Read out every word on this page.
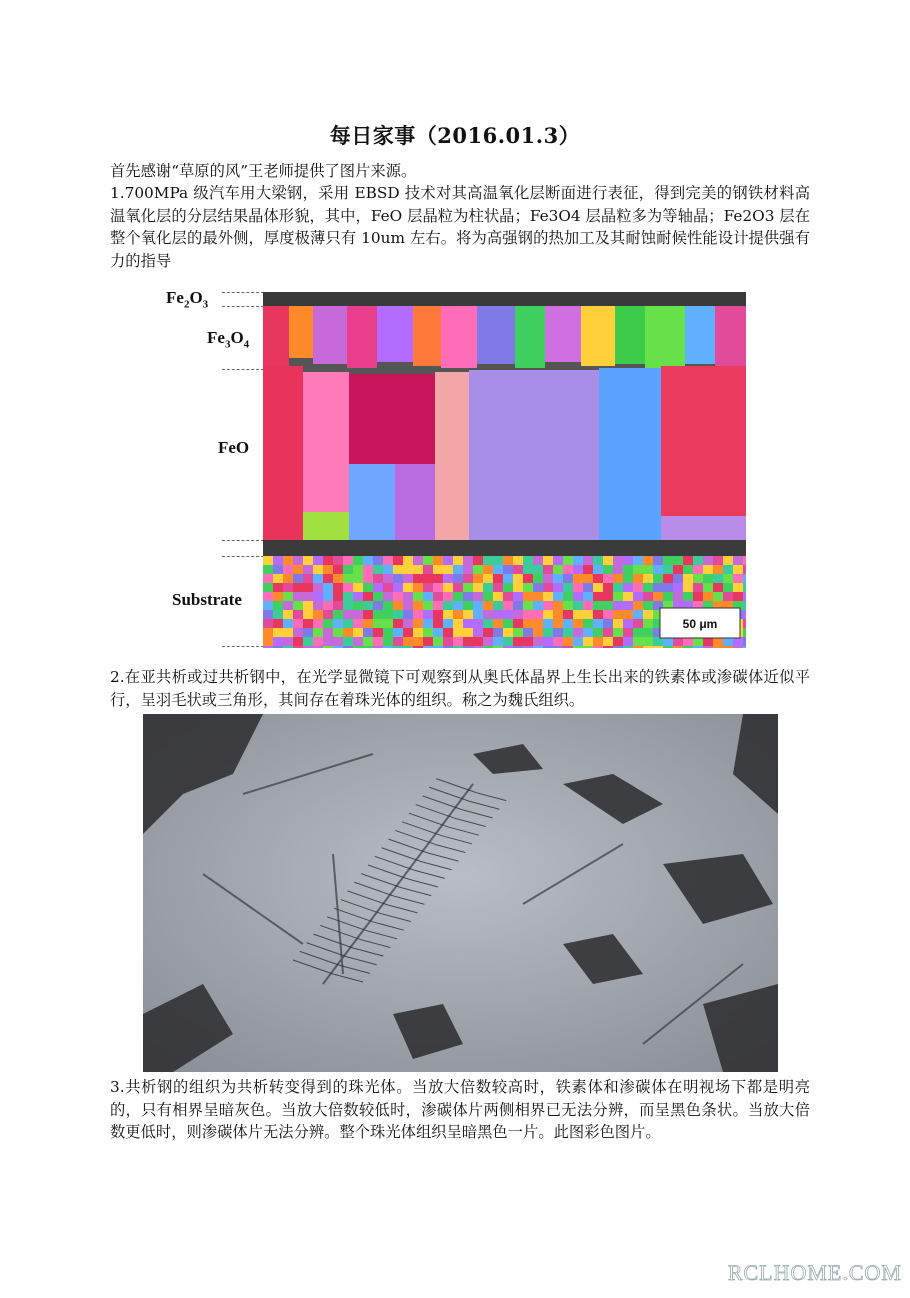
每日家事（2016.01.3）
首先感谢“草原的风”王老师提供了图片来源。
1.700MPa 级汽车用大梁钢，采用 EBSD 技术对其高温氧化层断面进行表征，得到完美的钢铁材料高温氧化层的分层结果晶体形貌，其中，FeO 层晶粒为柱状晶；Fe3O4 层晶粒多为等轴晶；Fe2O3 层在整个氧化层的最外侧，厚度极薄只有 10um 左右。将为高强钢的热加工及其耐蚀耐候性能设计提供强有力的指导
$Fe_2O_3$
$Fe_3O_4$
FeO
Substrate
50 μm
2.在亚共析或过共析钢中，在光学显微镜下可观察到从奥氏体晶界上生长出来的铁素体或渗碳体近似平行，呈羽毛状或三角形，其间存在着珠光体的组织。称之为魏氏组织。
3.共析钢的组织为共析转变得到的珠光体。当放大倍数较高时，铁素体和渗碳体在明视场下都是明亮的，只有相界呈暗灰色。当放大倍数较低时，渗碳体片两侧相界已无法分辨，而呈黑色条状。当放大倍数更低时，则渗碳体片无法分辨。整个珠光体组织呈暗黑色一片。此图彩色图片。
RCLHOME.COM
